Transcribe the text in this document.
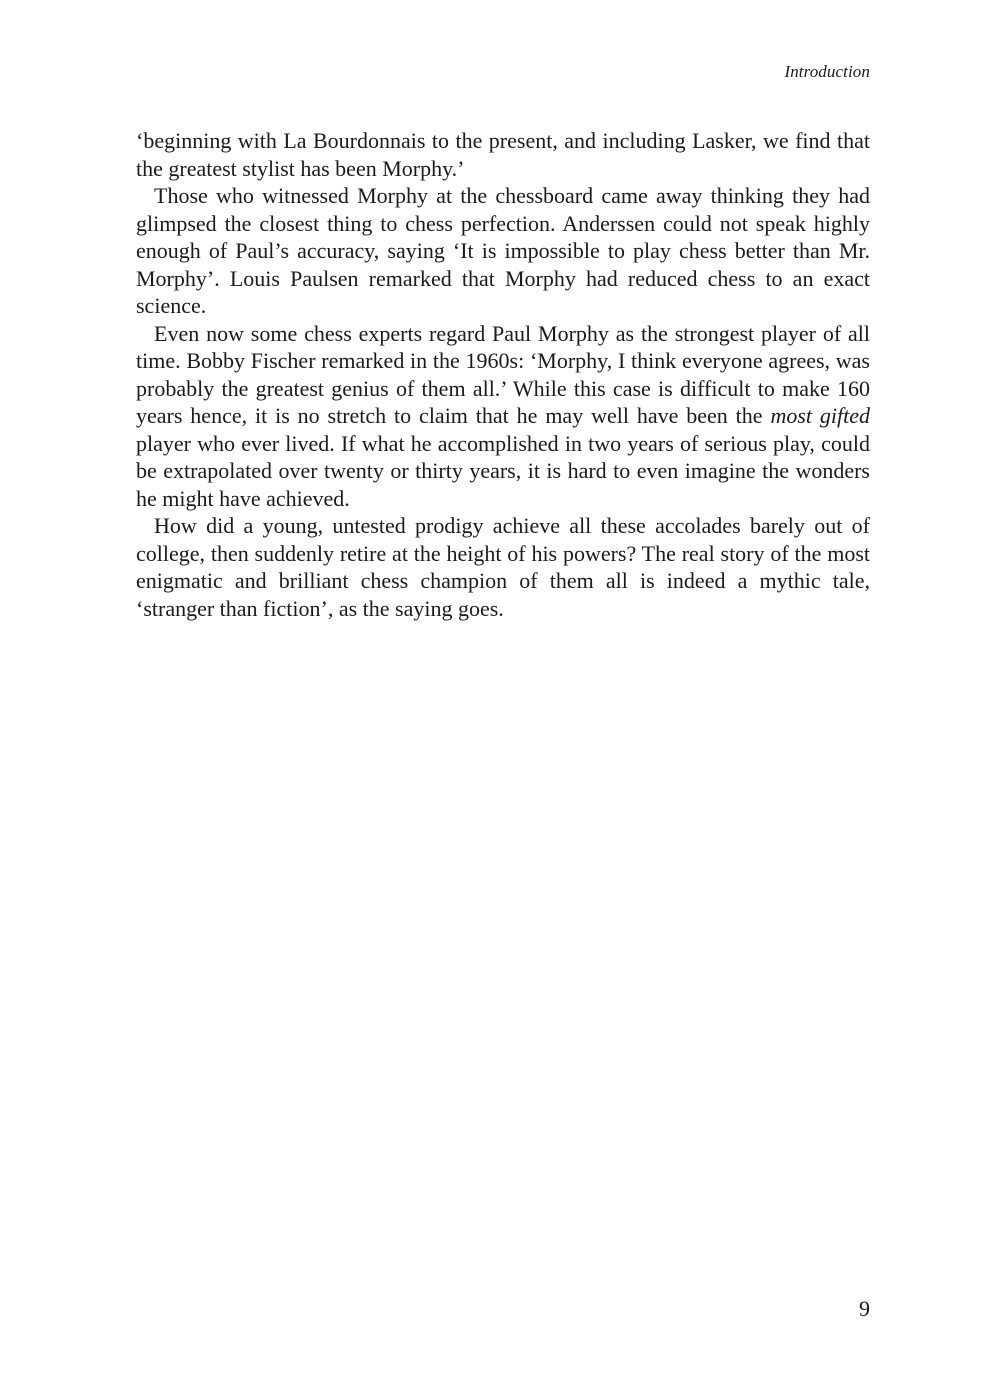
Introduction

‘beginning with La Bourdonnais to the present, and including Lasker, we find that the greatest stylist has been Morphy.’

Those who witnessed Morphy at the chessboard came away thinking they had glimpsed the closest thing to chess perfection. Anderssen could not speak highly enough of Paul’s accuracy, saying ‘It is impossible to play chess better than Mr. Morphy’. Louis Paulsen remarked that Morphy had reduced chess to an exact science.

Even now some chess experts regard Paul Morphy as the strongest player of all time. Bobby Fischer remarked in the 1960s: ‘Morphy, I think everyone agrees, was probably the greatest genius of them all.’ While this case is difficult to make 160 years hence, it is no stretch to claim that he may well have been the most gifted player who ever lived. If what he accomplished in two years of serious play, could be extrapolated over twenty or thirty years, it is hard to even imagine the wonders he might have achieved.

How did a young, untested prodigy achieve all these accolades barely out of college, then suddenly retire at the height of his powers? The real story of the most enigmatic and brilliant chess champion of them all is indeed a mythic tale, ‘stranger than fiction’, as the saying goes.

9
